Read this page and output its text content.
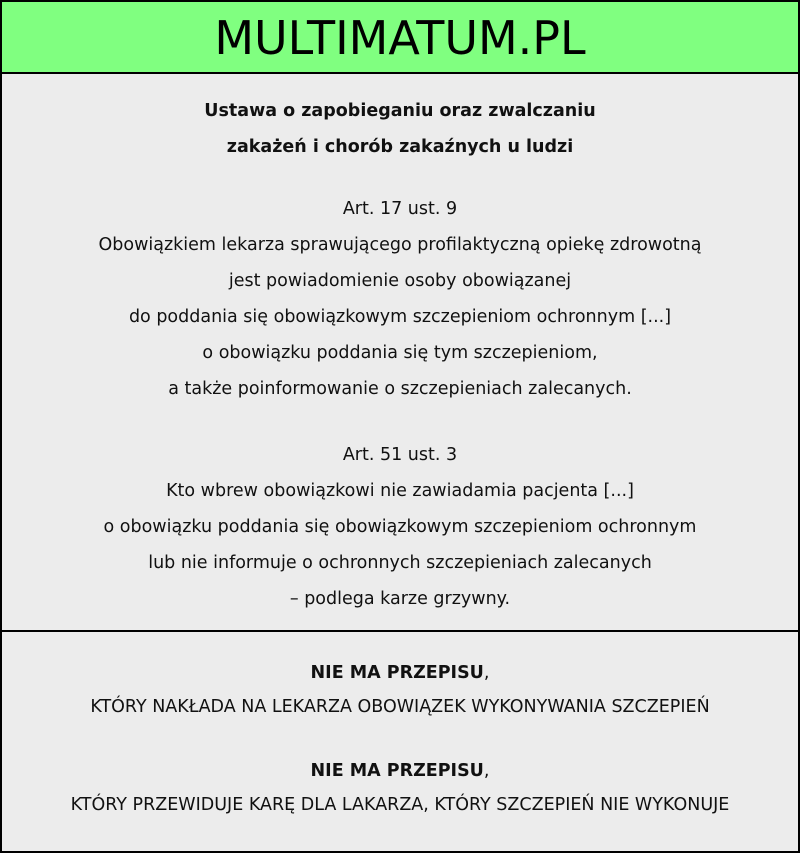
MULTIMATUM.PL
Ustawa o zapobieganiu oraz zwalczaniu
zakażeń i chorób zakaźnych u ludzi
Art. 17 ust. 9
Obowiązkiem lekarza sprawującego profilaktyczną opiekę zdrowotną
jest powiadomienie osoby obowiązanej
do poddania się obowiązkowym szczepieniom ochronnym [...]
o obowiązku poddania się tym szczepieniom,
a także poinformowanie o szczepieniach zalecanych.
Art. 51 ust. 3
Kto wbrew obowiązkowi nie zawiadamia pacjenta [...]
o obowiązku poddania się obowiązkowym szczepieniom ochronnym
lub nie informuje o ochronnych szczepieniach zalecanych
– podlega karze grzywny.
NIE MA PRZEPISU,
KTÓRY NAKŁADA NA LEKARZA OBOWIĄZEK WYKONYWANIA SZCZEPIEŃ
NIE MA PRZEPISU,
KTÓRY PRZEWIDUJE KARĘ DLA LAKARZA, KTÓRY SZCZEPIEŃ NIE WYKONUJE
